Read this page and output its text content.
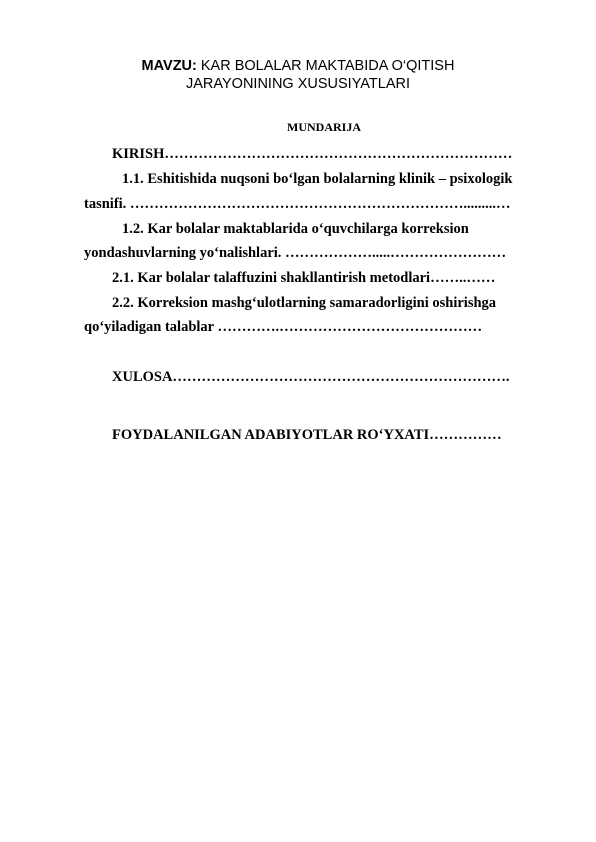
MAVZU: KAR BOLALAR MAKTABIDA O‘QITISH
JARAYONINING XUSUSIYATLARI
MUNDARIJA
KIRISH………………………………………………………………
1.1. Eshitishida nuqsoni bo‘lgan bolalarning klinik – psixologik
tasnifi. …………………………………………………………….........…
1.2. Kar bolalar maktablarida o‘quvchilarga korreksion
yondashuvlarning yo‘nalishlari. ……………….....……………………
2.1. Kar bolalar talaffuzini shakllantirish metodlari……..……
2.2. Korreksion mashg‘ulotlarning samaradorligini oshirishga
qo‘yiladigan talablar ………….……………………………………
XULOSA…………………………………………………………….
FOYDALANILGAN ADABIYOTLAR RO‘YXATI……………
